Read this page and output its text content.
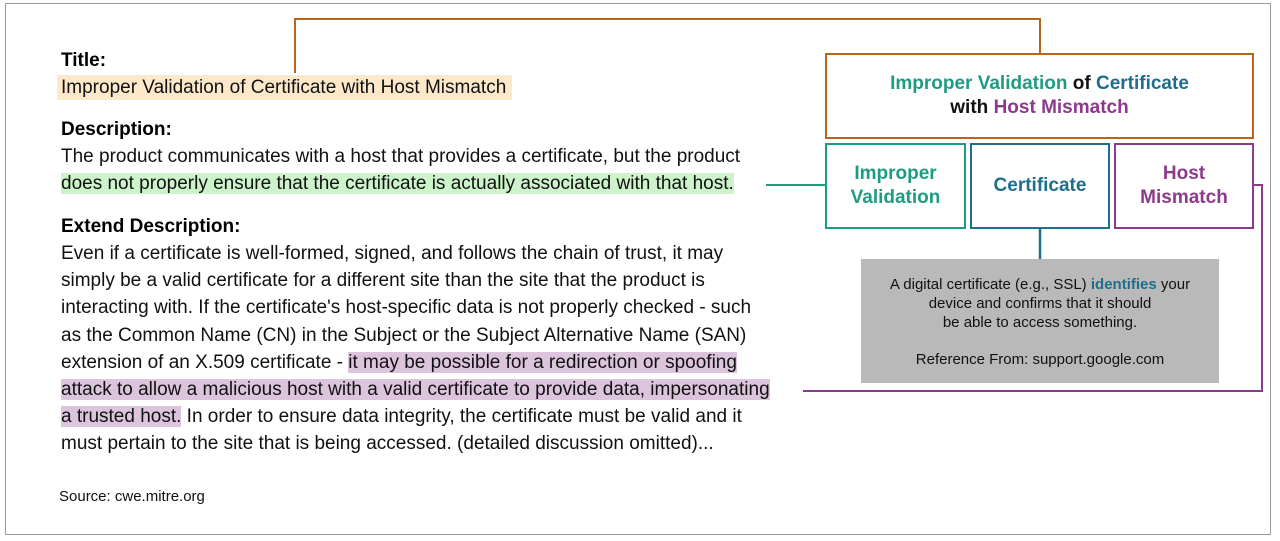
Title:
Improper Validation of Certificate with Host Mismatch
Description:
The product communicates with a host that provides a certificate, but the product
does not properly ensure that the certificate is actually associated with that host.
Extend Description:
Even if a certificate is well-formed, signed, and follows the chain of trust, it may
simply be a valid certificate for a different site than the site that the product is
interacting with. If the certificate's host-specific data is not properly checked - such
as the Common Name (CN) in the Subject or the Subject Alternative Name (SAN)
extension of an X.509 certificate - it may be possible for a redirection or spoofing
attack to allow a malicious host with a valid certificate to provide data, impersonating
a trusted host. In order to ensure data integrity, the certificate must be valid and it
must pertain to the site that is being accessed. (detailed discussion omitted)...
Source: cwe.mitre.org
Improper Validation of Certificate
with Host Mismatch
Improper
Validation
Certificate
Host
Mismatch
A digital certificate (e.g., SSL) identifies your
device and confirms that it should
be able to access something.
Reference From: support.google.com
